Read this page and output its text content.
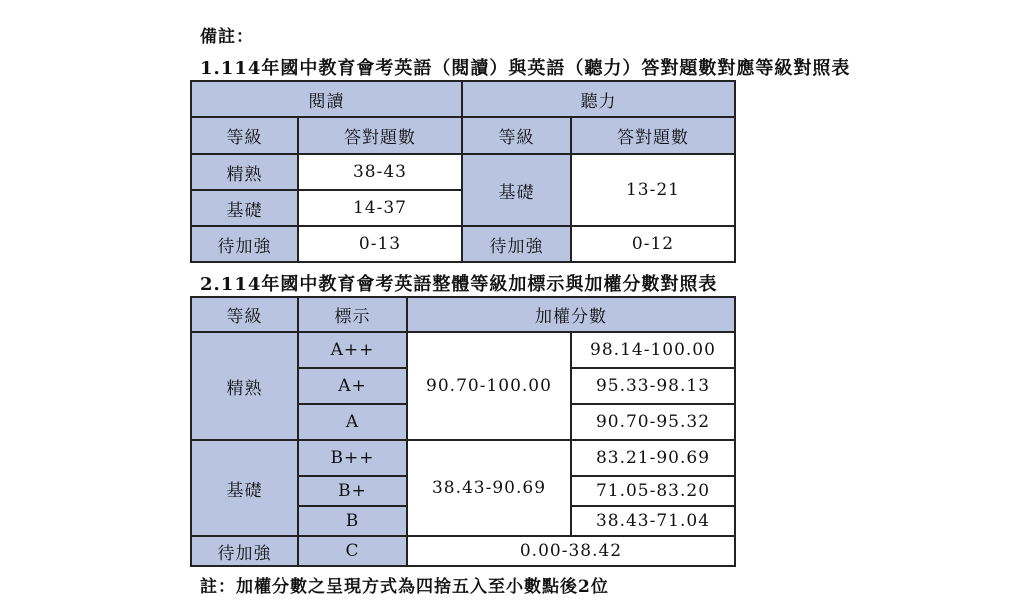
備註：
1.114年國中教育會考英語（閱讀）與英語（聽力）答對題數對應等級對照表
閱讀		聽力	
等級	答對題數	等級	答對題數
精熟	38-43	基礎	13-21
基礎	14-37		
待加強	0-13	待加強	0-12
2.114年國中教育會考英語整體等級加標示與加權分數對照表
等級	標示	加權分數	
精熟	A++	90.70-100.00	98.14-100.00
	A+		95.33-98.13
	A		90.70-95.32
基礎	B++	38.43-90.69	83.21-90.69
	B+		71.05-83.20
	B		38.43-71.04
待加強	C	0.00-38.42	
註：加權分數之呈現方式為四捨五入至小數點後2位
